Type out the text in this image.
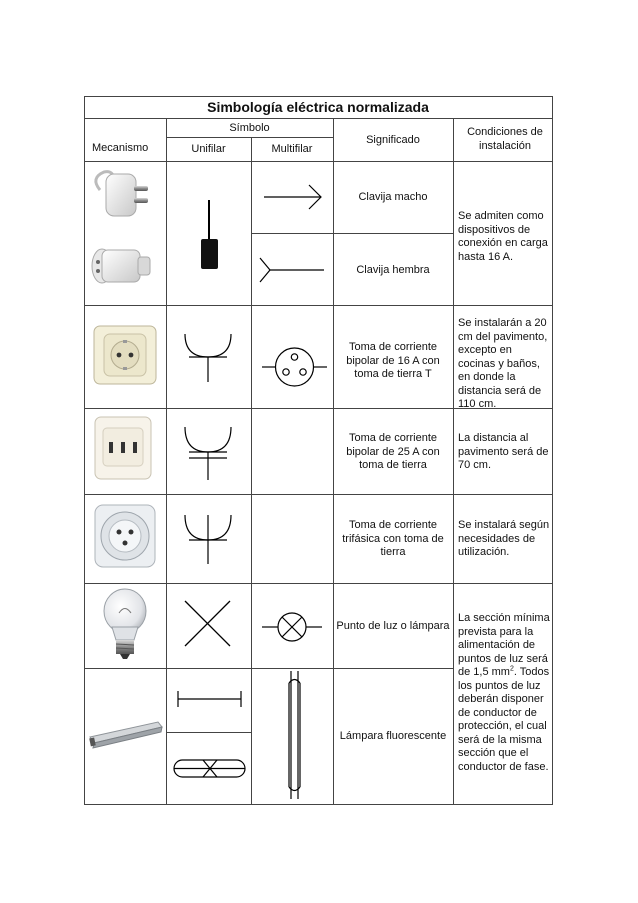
Simbología eléctrica normalizada
Mecanismo
Símbolo
Unifilar	Multifilar
Significado
Condiciones de instalación
Clavija macho
Clavija hembra
Toma de corriente bipolar de 16 A con toma de tierra T
Toma de corriente bipolar de 25 A con toma de tierra
Toma de corriente trifásica con toma de tierra
Punto de luz o lámpara
Lámpara fluorescente
Se admiten como dispositivos de conexión en carga hasta 16 A.
Se instalarán a 20 cm del pavimento, excepto en cocinas y baños, en donde la distancia será de 110 cm.
La distancia al pavimento será de 70 cm.
Se instalará según necesidades de utilización.
La sección mínima prevista para la alimentación de puntos de luz será de 1,5 $mm^2$. Todos los puntos de luz deberán disponer de conductor de protección, el cual será de la misma sección que el conductor de fase.
